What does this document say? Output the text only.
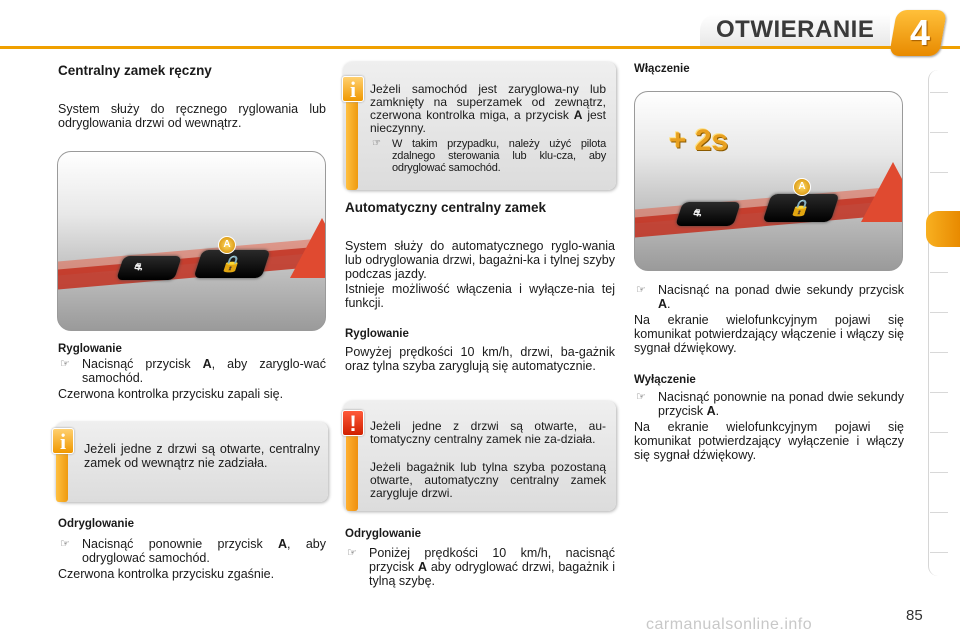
OTWIERANIE 4
Centralny zamek ręczny
System służy do ręcznego ryglowania lub odryglowania drzwi od wewnątrz.
⛐	🔒
A
Ryglowanie
☞ Nacisnąć przycisk A, aby zaryglo-wać samochód.
Czerwona kontrolka przycisku zapali się.
i	Jeżeli jedne z drzwi są otwarte, centralny zamek od wewnątrz nie zadziała.
Odryglowanie
☞ Nacisnąć ponownie przycisk A, aby odryglować samochód.
Czerwona kontrolka przycisku zgaśnie.
i	Jeżeli samochód jest zaryglowa-ny lub zamknięty na superzamek od zewnątrz, czerwona kontrolka miga, a przycisk A jest nieczynny.
☞ W takim przypadku, należy użyć pilota zdalnego sterowania lub klu-cza, aby odryglować samochód.
Automatyczny centralny zamek
System służy do automatycznego ryglo-wania lub odryglowania drzwi, bagażni-ka i tylnej szyby podczas jazdy.
Istnieje możliwość włączenia i wyłącze-nia tej funkcji.
Ryglowanie
Powyżej prędkości 10 km/h, drzwi, ba-gażnik oraz tylna szyba zaryglują się automatycznie.
!	Jeżeli jedne z drzwi są otwarte, au-tomatyczny centralny zamek nie za-działa.
Jeżeli bagażnik lub tylna szyba pozostaną otwarte, automatyczny centralny zamek zarygluje drzwi.
Odryglowanie
☞ Poniżej prędkości 10 km/h, nacisnąć przycisk A aby odryglować drzwi, bagażnik i tylną szybę.
Włączenie
+ 2s
⛐	🔒
A
☞ Nacisnąć na ponad dwie sekundy przycisk A.
Na ekranie wielofunkcyjnym pojawi się komunikat potwierdzający włączenie i włączy się sygnał dźwiękowy.
Wyłączenie
☞ Nacisnąć ponownie na ponad dwie sekundy przycisk A.
Na ekranie wielofunkcyjnym pojawi się komunikat potwierdzający wyłączenie i włączy się sygnał dźwiękowy.
85
carmanualsonline.info
